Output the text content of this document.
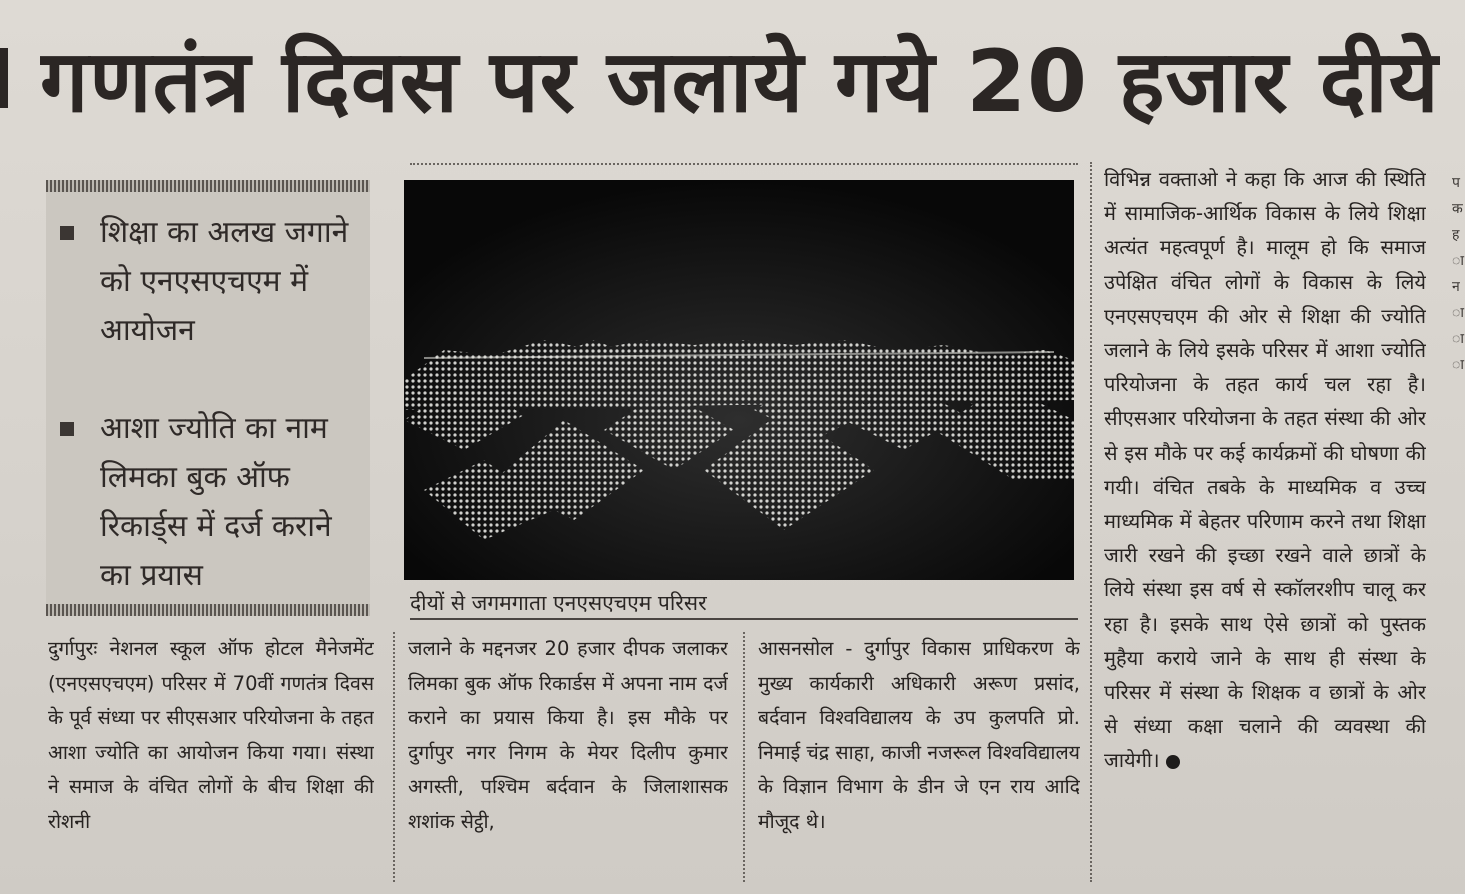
गणतंत्र दिवस पर जलाये गये 20 हजार दीये
शिक्षा का अलख जगाने को एनएसएचएम में आयोजन
आशा ज्योति का नाम लिमका बुक ऑफ रिकार्ड्स में दर्ज कराने का प्रयास
दीयों से जगमगाता एनएसएचएम परिसर

दुर्गापुरः नेशनल स्कूल ऑफ होटल मैनेजमेंट (एनएसएचएम) परिसर में 70वीं गणतंत्र दिवस के पूर्व संध्या पर सीएसआर परियोजना के तहत आशा ज्योति का आयोजन किया गया। संस्था ने समाज के वंचित लोगों के बीच शिक्षा की रोशनी

जलाने के मद्दनजर 20 हजार दीपक जलाकर लिमका बुक ऑफ रिकार्डस में अपना नाम दर्ज कराने का प्रयास किया है। इस मौके पर दुर्गापुर नगर निगम के मेयर दिलीप कुमार अगस्ती, पश्चिम बर्दवान के जिलाशासक शशांक सेट्ठी,

आसनसोल - दुर्गापुर विकास प्राधिकरण के मुख्य कार्यकारी अधिकारी अरूण प्रसांद, बर्दवान विश्वविद्यालय के उप कुलपति प्रो. निमाई चंद्र साहा, काजी नजरूल विश्वविद्यालय के विज्ञान विभाग के डीन जे एन राय आदि मौजूद थे।

विभिन्न वक्ताओ ने कहा कि आज की स्थिति में सामाजिक-आर्थिक विकास के लिये शिक्षा अत्यंत महत्वपूर्ण है। मालूम हो कि समाज उपेक्षित वंचित लोगों के विकास के लिये एनएसएचएम की ओर से शिक्षा की ज्योति जलाने के लिये इसके परिसर में आशा ज्योति परियोजना के तहत कार्य चल रहा है। सीएसआर परियोजना के तहत संस्था की ओर से इस मौके पर कई कार्यक्रमों की घोषणा की गयी। वंचित तबके के माध्यमिक व उच्च माध्यमिक में बेहतर परिणाम करने तथा शिक्षा जारी रखने की इच्छा रखने वाले छात्रों के लिये संस्था इस वर्ष से स्कॉलरशीप चालू कर रहा है। इसके साथ ऐसे छात्रों को पुस्तक मुहैया कराये जाने के साथ ही संस्था के परिसर में संस्था के शिक्षक व छात्रों के ओर से संध्या कक्षा चलाने की व्यवस्था की जायेगी।

प क ह ा न ा ा ा
